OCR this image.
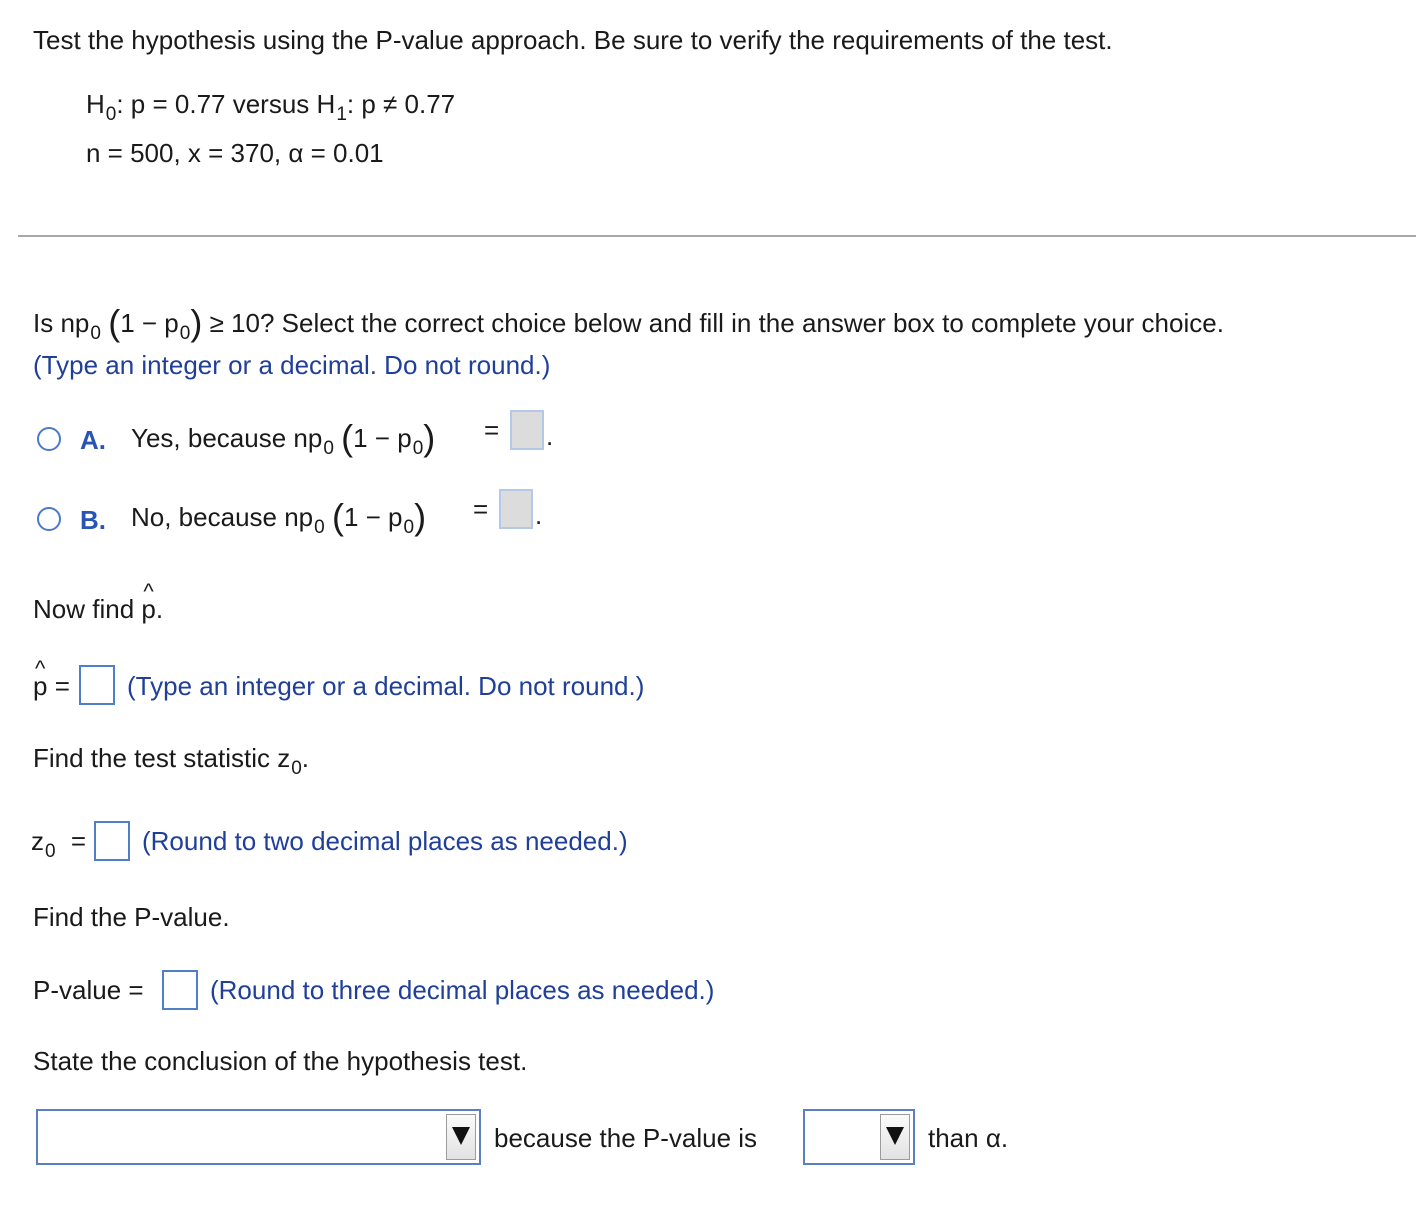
Test the hypothesis using the P-value approach. Be sure to verify the requirements of the test.
$H_0$: p = 0.77 versus $H_1$: p ≠ 0.77
n = 500, x = 370, α = 0.01
Is $np_0$ $(1 - p_0) \ge 10$? Select the correct choice below and fill in the answer box to complete your choice.
(Type an integer or a decimal. Do not round.)
A. Yes, because $np_0$ $(1 - p_0)$ = .
B. No, because $np_0$ $(1 - p_0)$ = .
Now find ^ p.
^ p = (Type an integer or a decimal. Do not round.)
Find the test statistic $z_0$.
$z_0$ = (Round to two decimal places as needed.)
Find the P-value.
P-value =	(Round to three decimal places as needed.)
State the conclusion of the hypothesis test.
because the P-value is	than α.
